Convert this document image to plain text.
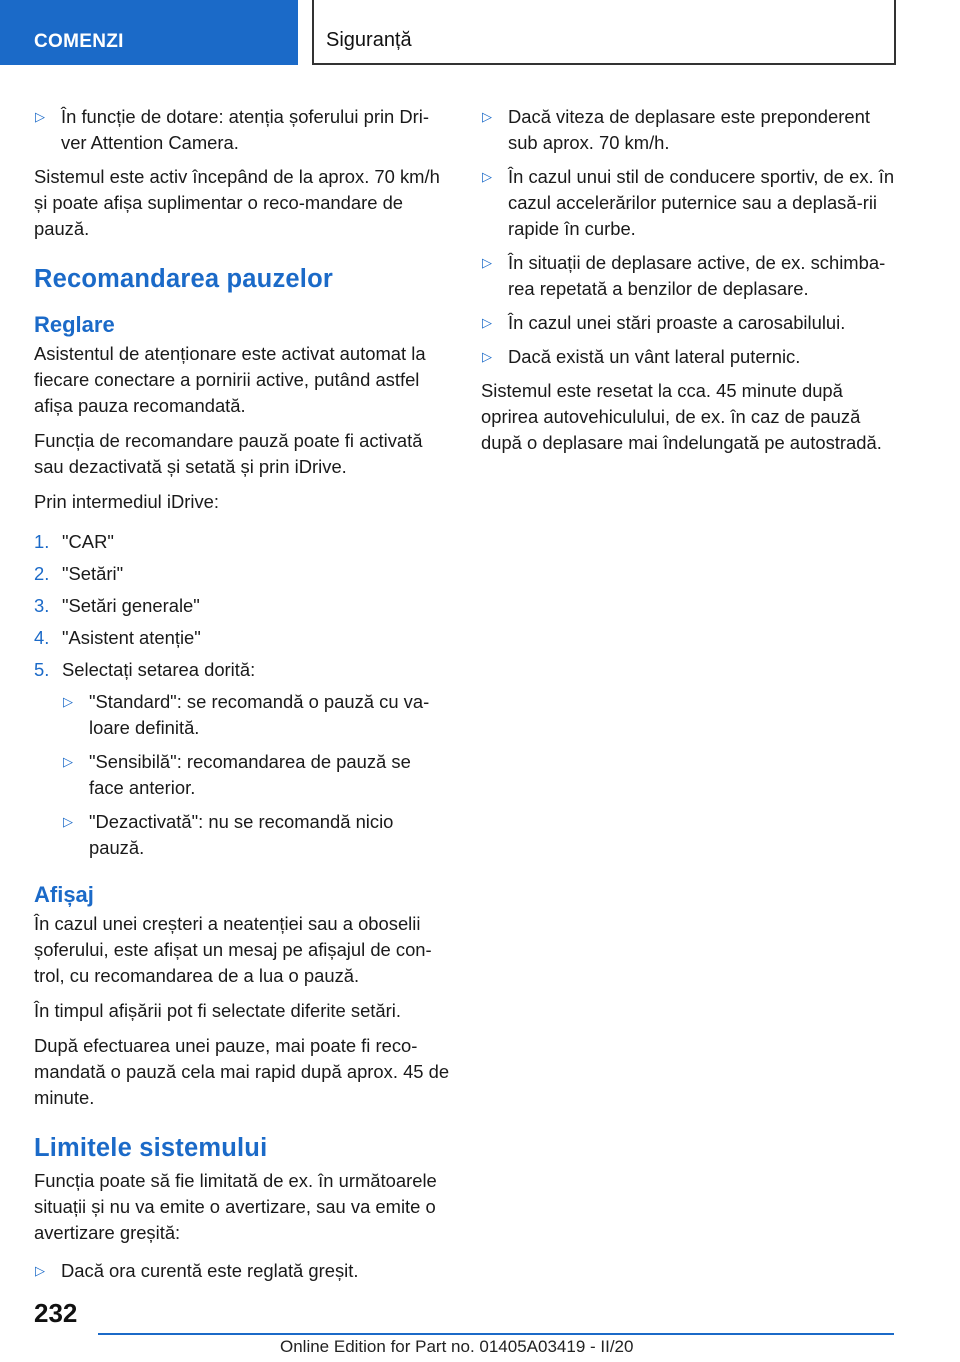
COMENZI	Siguranță
▷ În funcție de dotare: atenția șoferului prin Dri-ver Attention Camera.

Sistemul este activ începând de la aprox. 70 km/h și poate afișa suplimentar o reco-mandare de pauză.

Recomandarea pauzelor
Reglare

Asistentul de atenționare este activat automat la fiecare conectare a pornirii active, putând astfel afișa pauza recomandată.

Funcția de recomandare pauză poate fi activată sau dezactivată și setată și prin iDrive.

Prin intermediul iDrive:

1. "CAR"
2. "Setări"
3. "Setări generale"
4. "Asistent atenție"
5. Selectați setarea dorită:
▷ "Standard": se recomandă o pauză cu va-loare definită.
▷ "Sensibilă": recomandarea de pauză se face anterior.
▷ "Dezactivată": nu se recomandă nicio pauză.
Afișaj

În cazul unei creșteri a neatenției sau a oboselii șoferului, este afișat un mesaj pe afișajul de con-trol, cu recomandarea de a lua o pauză.

În timpul afișării pot fi selectate diferite setări.

După efectuarea unei pauze, mai poate fi reco-mandată o pauză cela mai rapid după aprox. 45 de minute.

Limitele sistemului

Funcția poate să fie limitată de ex. în următoarele situații și nu va emite o avertizare, sau va emite o avertizare greșită:

▷ Dacă ora curentă este reglată greșit.
▷ Dacă viteza de deplasare este preponderent sub aprox. 70 km/h.
▷ În cazul unui stil de conducere sportiv, de ex. în cazul accelerărilor puternice sau a deplasă-rii rapide în curbe.
▷ În situații de deplasare active, de ex. schimba-rea repetată a benzilor de deplasare.
▷ În cazul unei stări proaste a carosabilului.
▷ Dacă există un vânt lateral puternic.

Sistemul este resetat la cca. 45 minute după oprirea autovehiculului, de ex. în caz de pauză după o deplasare mai îndelungată pe autostradă.

232
Online Edition for Part no. 01405A03419 - II/20
